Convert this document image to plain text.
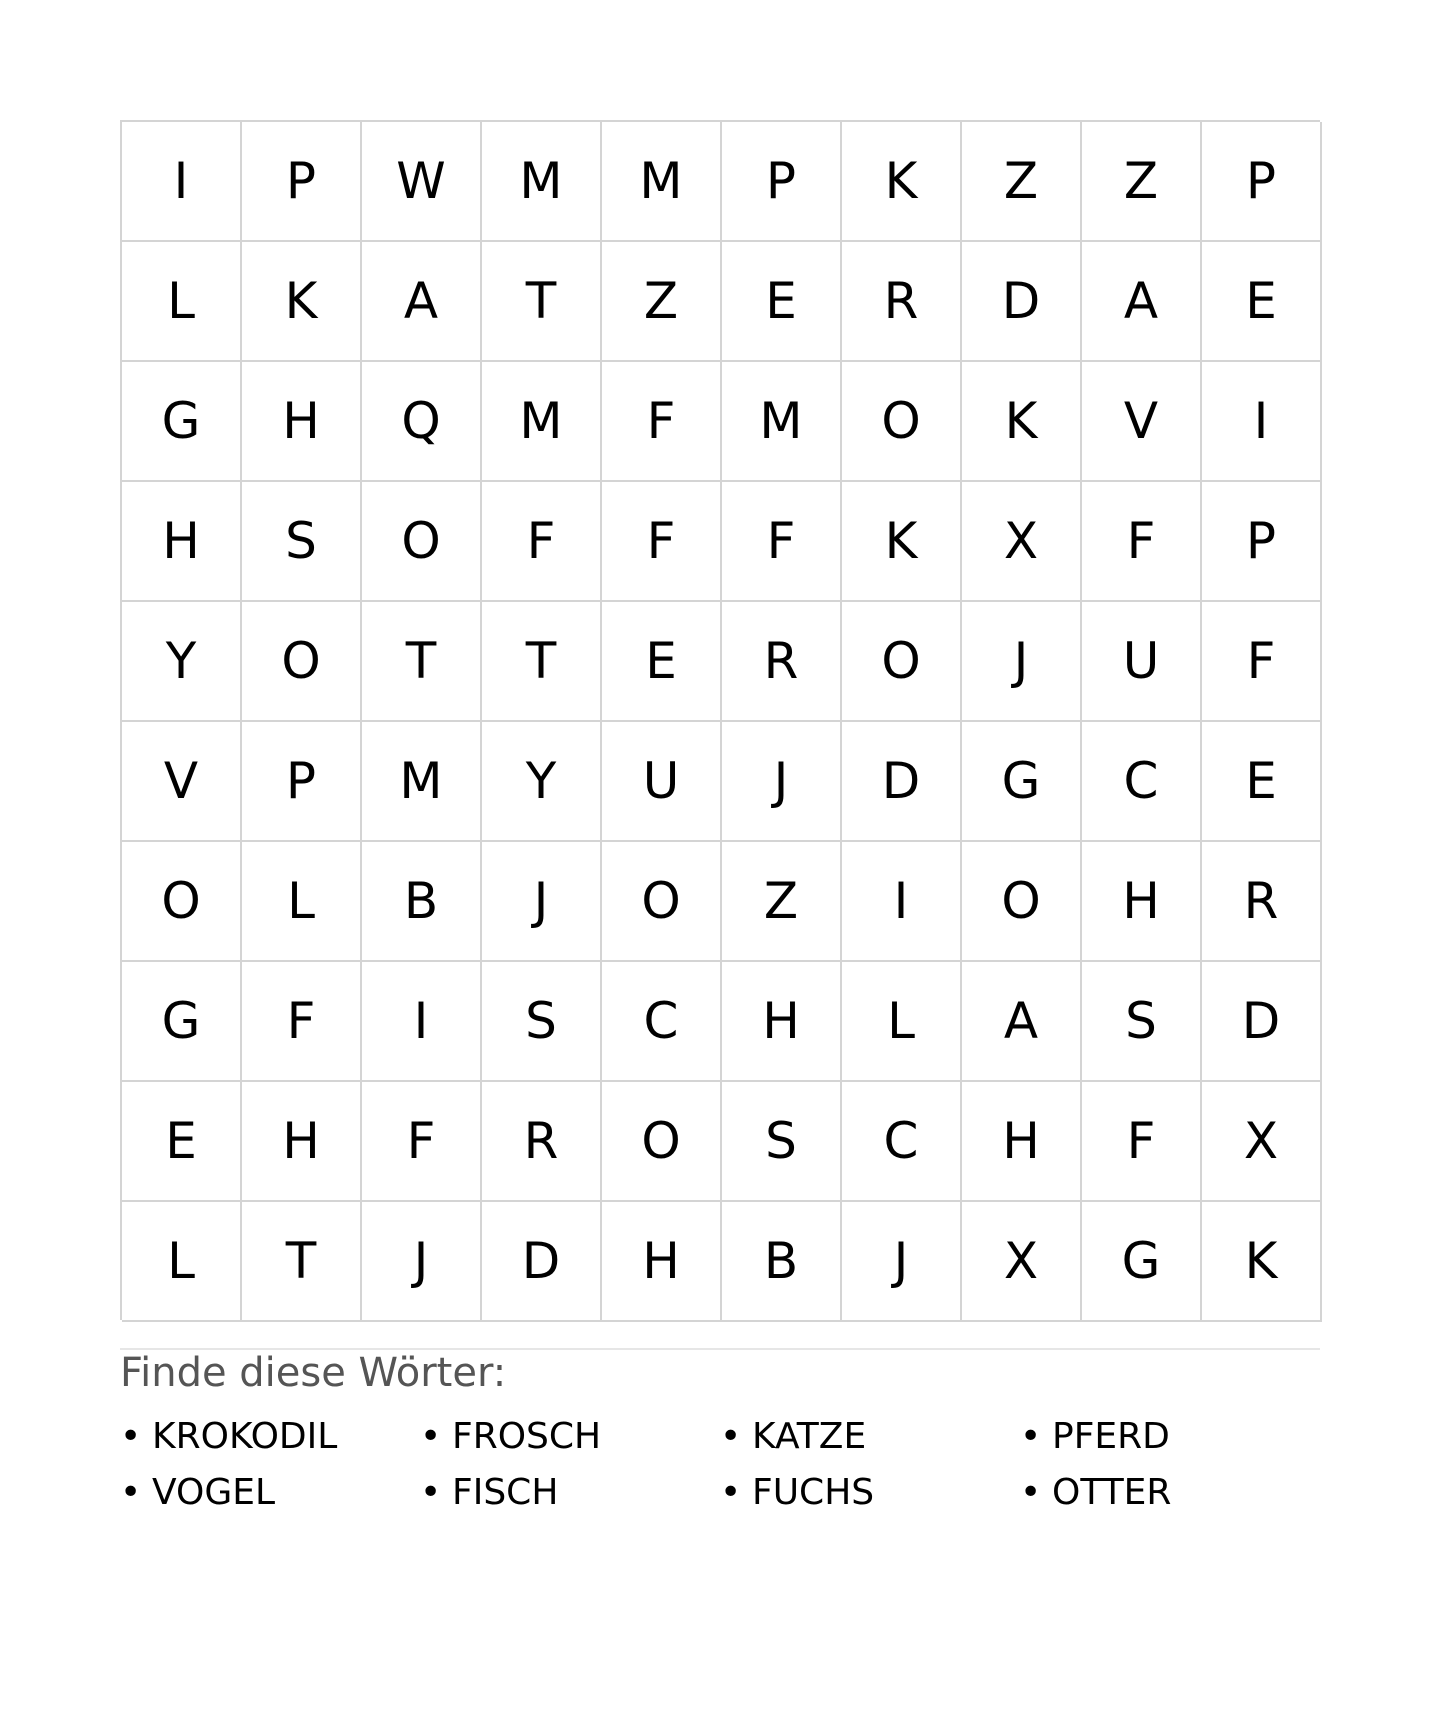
I	P	W	M	M	P	K	Z	Z	P
L	K	A	T	Z	E	R	D	A	E
G	H	Q	M	F	M	O	K	V	I
H	S	O	F	F	F	K	X	F	P
Y	O	T	T	E	R	O	J	U	F
V	P	M	Y	U	J	D	G	C	E
O	L	B	J	O	Z	I	O	H	R
G	F	I	S	C	H	L	A	S	D
E	H	F	R	O	S	C	H	F	X
L	T	J	D	H	B	J	X	G	K
Finde diese Wörter:
• KROKODIL • FROSCH	• KATZE	• PFERD
• VOGEL	• FISCH	• FUCHS	• OTTER
